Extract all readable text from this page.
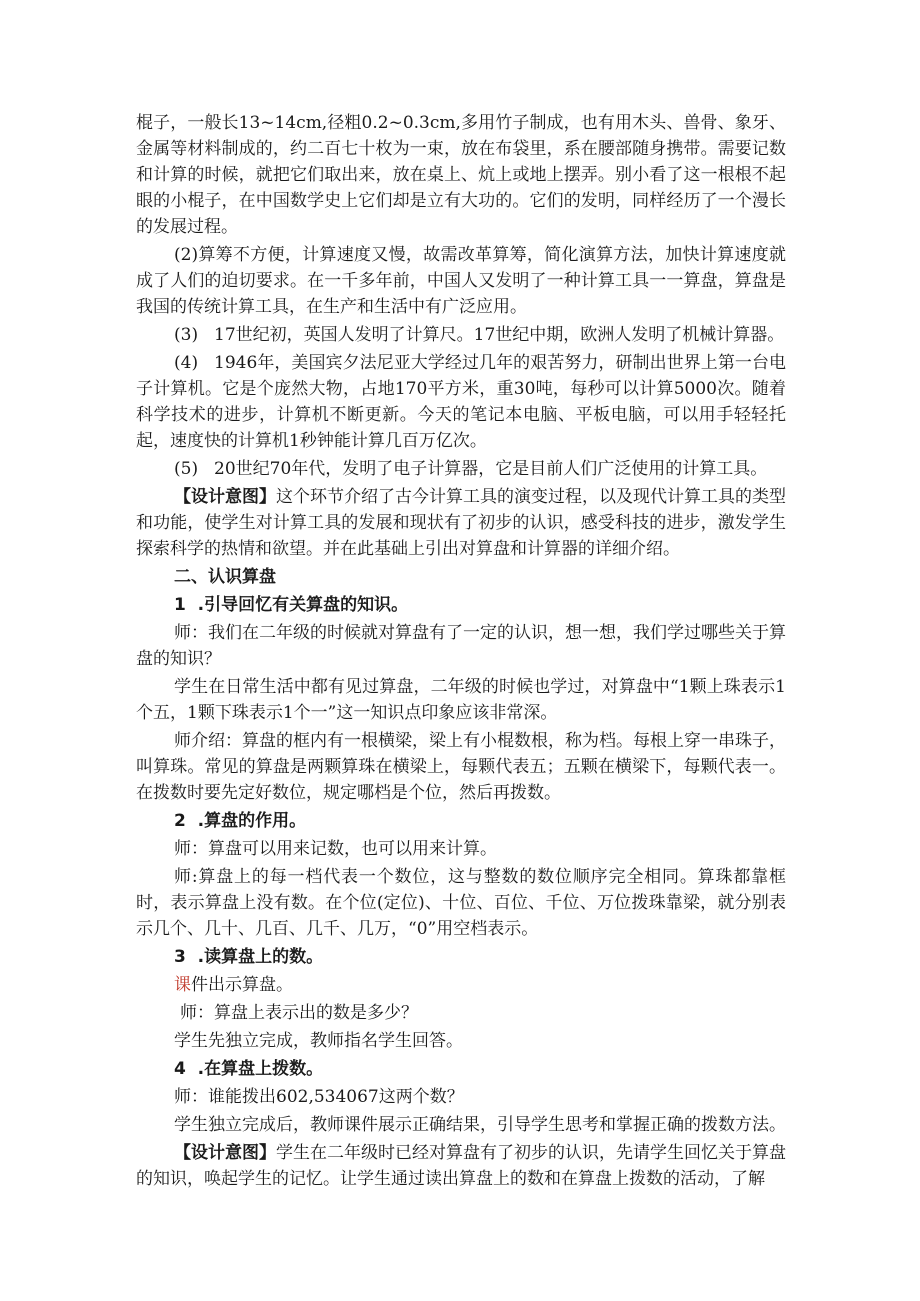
棍子，一般长13~14cm,径粗0.2~0.3cm,多用竹子制成，也有用木头、兽骨、象牙、金属等材料制成的，约二百七十枚为一束，放在布袋里，系在腰部随身携带。需要记数和计算的时候，就把它们取出来，放在桌上、炕上或地上摆弄。别小看了这一根根不起眼的小棍子，在中国数学史上它们却是立有大功的。它们的发明，同样经历了一个漫长的发展过程。

(2)算筹不方便，计算速度又慢，故需改革算筹，简化演算方法，加快计算速度就成了人们的迫切要求。在一千多年前，中国人又发明了一种计算工具一一算盘，算盘是我国的传统计算工具，在生产和生活中有广泛应用。

(3) 17世纪初，英国人发明了计算尺。17世纪中期，欧洲人发明了机械计算器。

(4) 1946年，美国宾夕法尼亚大学经过几年的艰苦努力，研制出世界上第一台电子计算机。它是个庞然大物，占地170平方米，重30吨，每秒可以计算5000次。随着科学技术的进步，计算机不断更新。今天的笔记本电脑、平板电脑，可以用手轻轻托起，速度快的计算机1秒钟能计算几百万亿次。

(5) 20世纪70年代，发明了电子计算器，它是目前人们广泛使用的计算工具。

【设计意图】这个环节介绍了古今计算工具的演变过程，以及现代计算工具的类型和功能，使学生对计算工具的发展和现状有了初步的认识，感受科技的进步，激发学生探索科学的热情和欲望。并在此基础上引出对算盘和计算器的详细介绍。

二、认识算盘

1  .引导回忆有关算盘的知识。

师：我们在二年级的时候就对算盘有了一定的认识，想一想，我们学过哪些关于算盘的知识？

学生在日常生活中都有见过算盘，二年级的时候也学过，对算盘中“1颗上珠表示1个五，1颗下珠表示1个一”这一知识点印象应该非常深。

师介绍：算盘的框内有一根横梁，梁上有小棍数根，称为档。每根上穿一串珠子，叫算珠。常见的算盘是两颗算珠在横梁上，每颗代表五；五颗在横梁下，每颗代表一。在拨数时要先定好数位，规定哪档是个位，然后再拨数。

2  .算盘的作用。

师：算盘可以用来记数，也可以用来计算。

师:算盘上的每一档代表一个数位，这与整数的数位顺序完全相同。算珠都靠框时，表示算盘上没有数。在个位(定位)、十位、百位、千位、万位拨珠靠梁，就分别表示几个、几十、几百、几千、几万，“0”用空档表示。

3  .读算盘上的数。

课件出示算盘。

师：算盘上表示出的数是多少？

学生先独立完成，教师指名学生回答。

4  .在算盘上拨数。

师：谁能拨出602,534067这两个数？

学生独立完成后，教师课件展示正确结果，引导学生思考和掌握正确的拨数方法。

【设计意图】学生在二年级时已经对算盘有了初步的认识，先请学生回忆关于算盘的知识，唤起学生的记忆。让学生通过读出算盘上的数和在算盘上拨数的活动，了解
